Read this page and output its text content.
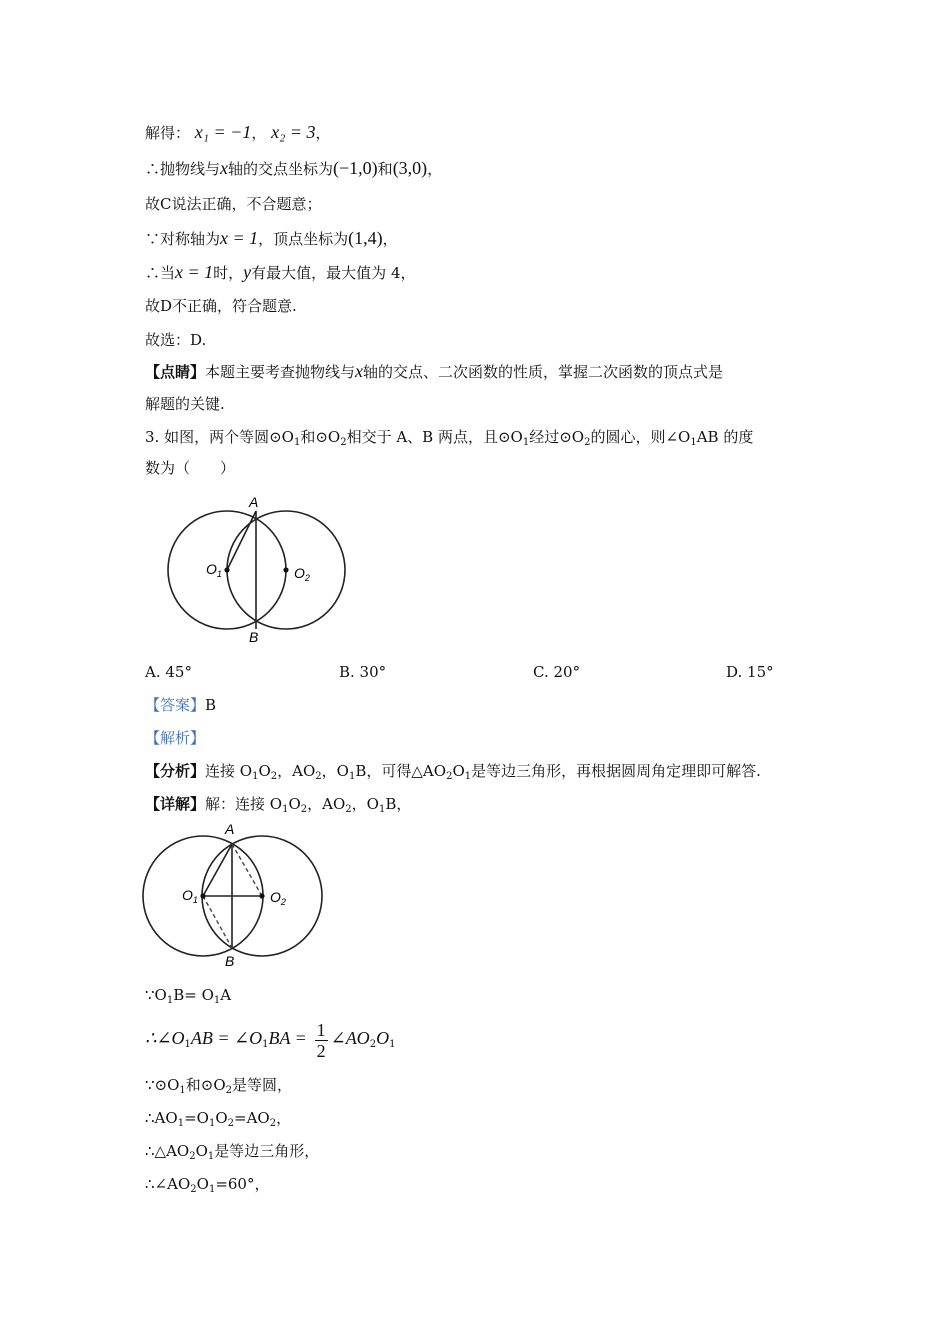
解得： x₁ = −1， x₂ = 3，
∴抛物线与x轴的交点坐标为(−1,0)和(3,0)，
故C说法正确，不合题意；
∵对称轴为x = 1，顶点坐标为(1,4)，
∴当x = 1时，y有最大值，最大值为 4，
故D不正确，符合题意.
故选：D.
【点睛】本题主要考查抛物线与x轴的交点、二次函数的性质，掌握二次函数的顶点式是
解题的关键.
3. 如图，两个等圆$⊙O_1$和$⊙O_2$相交于 A、B 两点，且$⊙O_1$经过$⊙O_2$的圆心，则$\angle O_1AB$ 的度
数为（　　）
A
B
$O_1$	$O_2$
A. 45°	B. 30°	C. 20°	D. 15°
【答案】B
【解析】
【分析】连接 $O_1O_2$，$AO_2$，$O_1B$，可得$\triangle AO_2O_1$是等边三角形，再根据圆周角定理即可解答.
【详解】解：连接 $O_1O_2$，$AO_2$，$O_1B$，
A
B
$O_1$	$O_2$
$\because O_1B= O_1A$
$\therefore\angle O_1AB$ = $\angle O_1BA = \frac{1}{2}$ $\angle AO_2O_1$
$\because⊙O_1$和$⊙O_2$是等圆，
$\therefore AO_1=O_1O_2=AO_2$，
$\therefore\triangle AO_2O_1$是等边三角形，
$\therefore\angle AO_2O_1=60^\circ$，
